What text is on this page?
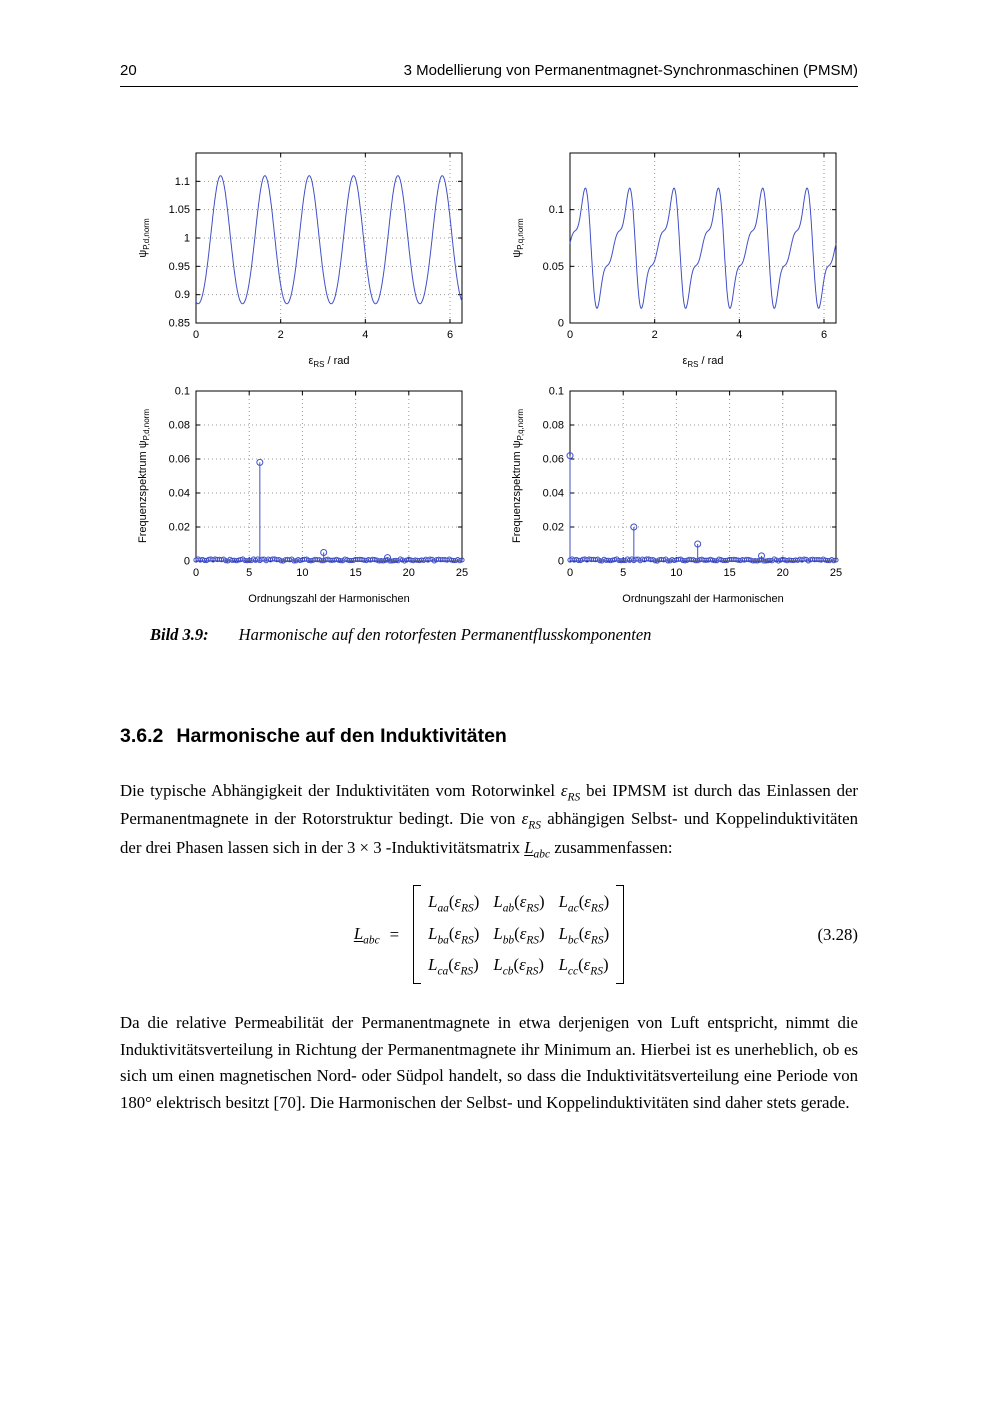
20	3 Modellierung von Permanentmagnet-Synchronmaschinen (PMSM)
0	2	4	6
0.85
0.9
0.95
1
1.05
1.1
$\varepsilon_{RS}$ / rad
$\psi_{P,d,norm}$
0	2	4	6
0
0.05
0.1
$\varepsilon_{RS}$ / rad
$\psi_{P,q,norm}$
0	5	10	15	20	25
0
0.02
0.04
0.06
0.08
0.1
Ordnungszahl der Harmonischen
Frequenzspektrum $\psi_{P,d,norm}$
0	5	10	15	20	25
0
0.02
0.04
0.06
0.08
0.1
Ordnungszahl der Harmonischen
Frequenzspektrum $\psi_{P,q,norm}$
Bild 3.9: Harmonische auf den rotorfesten Permanentflusskomponenten
3.6.2 Harmonische auf den Induktivitäten

Die typische Abhängigkeit der Induktivitäten vom Rotorwinkel $\varepsilon_{RS}$ bei IPMSM ist durch das Einlassen der Permanentmagnete in der Rotorstruktur bedingt. Die von $\varepsilon_{RS}$ abhängigen Selbst- und Koppelinduktivitäten der drei Phasen lassen sich in der 3 × 3 -Induktivitätsmatrix $L_{abc}$ zusammenfassen:

$L_{abc}$ =
$L_{aa}(\varepsilon_{RS})$ $L_{ab}(\varepsilon_{RS})$ $L_{ac}(\varepsilon_{RS})$
$L_{ba}(\varepsilon_{RS})$ $L_{bb}(\varepsilon_{RS})$ $L_{bc}(\varepsilon_{RS})$
$L_{ca}(\varepsilon_{RS})$ $L_{cb}(\varepsilon_{RS})$ $L_{cc}(\varepsilon_{RS})$
(3.28)

Da die relative Permeabilität der Permanentmagnete in etwa derjenigen von Luft entspricht, nimmt die Induktivitätsverteilung in Richtung der Permanentmagnete ihr Minimum an. Hierbei ist es unerheblich, ob es sich um einen magnetischen Nord- oder Südpol handelt, so dass die Induktivitätsverteilung eine Periode von 180° elektrisch besitzt [70]. Die Harmonischen der Selbst- und Koppelinduktivitäten sind daher stets gerade.
